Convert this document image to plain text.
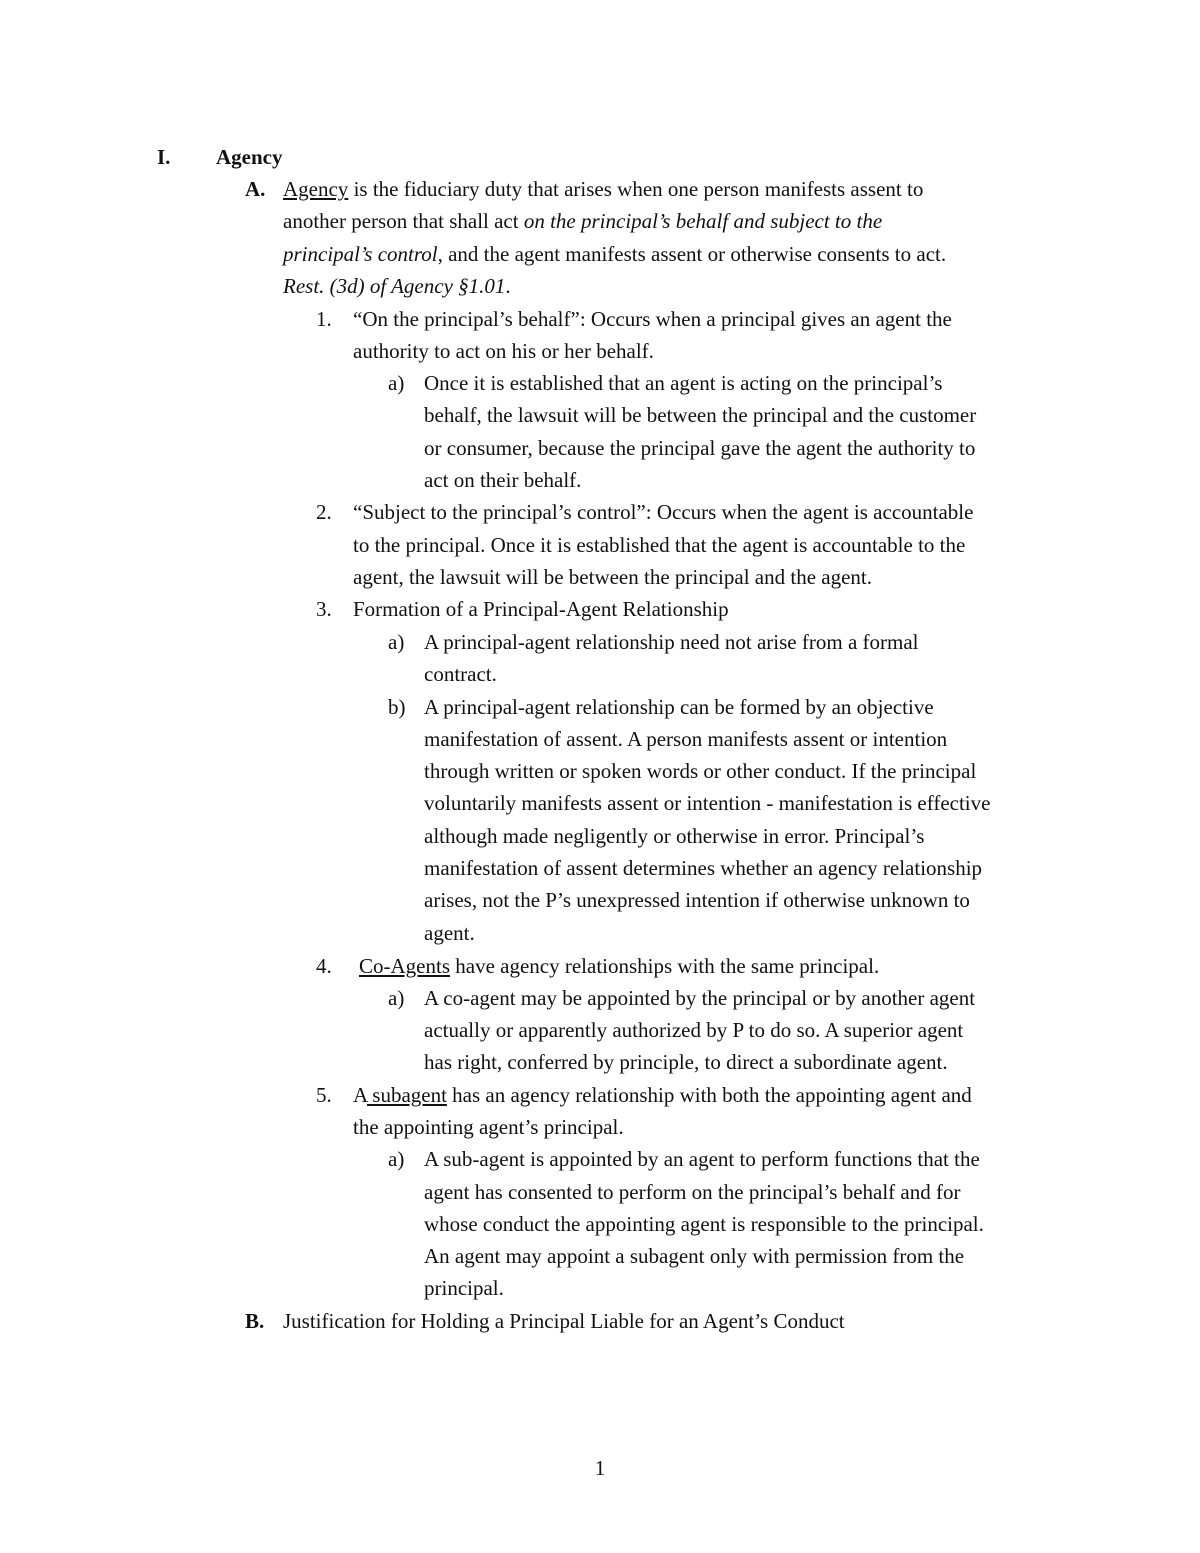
I. Agency
A. Agency is the fiduciary duty that arises when one person manifests assent to
another person that shall act on the principal’s behalf and subject to the
principal’s control, and the agent manifests assent or otherwise consents to act.
Rest. (3d) of Agency §1.01.
1. “On the principal’s behalf”: Occurs when a principal gives an agent the
authority to act on his or her behalf.
a) Once it is established that an agent is acting on the principal’s
behalf, the lawsuit will be between the principal and the customer
or consumer, because the principal gave the agent the authority to
act on their behalf.
2. “Subject to the principal’s control”: Occurs when the agent is accountable
to the principal. Once it is established that the agent is accountable to the
agent, the lawsuit will be between the principal and the agent.
3. Formation of a Principal-Agent Relationship
a) A principal-agent relationship need not arise from a formal
contract.
b) A principal-agent relationship can be formed by an objective
manifestation of assent. A person manifests assent or intention
through written or spoken words or other conduct. If the principal
voluntarily manifests assent or intention - manifestation is effective
although made negligently or otherwise in error. Principal’s
manifestation of assent determines whether an agency relationship
arises, not the P’s unexpressed intention if otherwise unknown to
agent.
4. Co-Agents have agency relationships with the same principal.
a) A co-agent may be appointed by the principal or by another agent
actually or apparently authorized by P to do so. A superior agent
has right, conferred by principle, to direct a subordinate agent.
5. A subagent has an agency relationship with both the appointing agent and
the appointing agent’s principal.
a) A sub-agent is appointed by an agent to perform functions that the
agent has consented to perform on the principal’s behalf and for
whose conduct the appointing agent is responsible to the principal.
An agent may appoint a subagent only with permission from the
principal.
B. Justification for Holding a Principal Liable for an Agent’s Conduct
1
